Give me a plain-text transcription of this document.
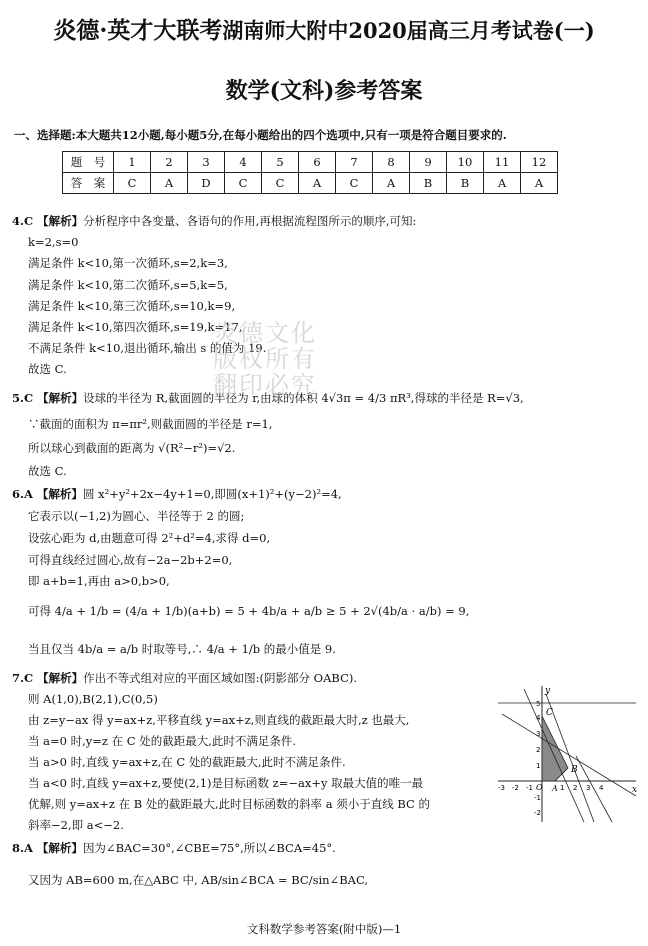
炎德·英才大联考湖南师大附中2020届高三月考试卷(一)
数学(文科)参考答案
一、选择题:本大题共12小题,每小题5分,在每小题给出的四个选项中,只有一项是符合题目要求的.
题　号	1	2	3	4	5	6	7	8	9	10	11	12
答　案	C	A	D	C	C	A	C	A	B	B	A	A
4.C 【解析】分析程序中各变量、各语句的作用,再根据流程图所示的顺序,可知:
k=2,s=0
满足条件 k<10,第一次循环,s=2,k=3,
满足条件 k<10,第二次循环,s=5,k=5,
满足条件 k<10,第三次循环,s=10,k=9,
满足条件 k<10,第四次循环,s=19,k=17,
不满足条件 k<10,退出循环,输出 s 的值为 19.
故选 C.
5.C 【解析】设球的半径为 R,截面圆的半径为 r,由球的体积 4√3π = 4/3 πR³,得球的半径是 R=√3,
∵截面的面积为 π=πr²,则截面圆的半径是 r=1,
所以球心到截面的距离为 √(R²−r²)=√2.
故选 C.
炎德文化
版权所有
翻印必究
6.A 【解析】圆 x²+y²+2x−4y+1=0,即圆(x+1)²+(y−2)²=4,
它表示以(−1,2)为圆心、半径等于 2 的圆;
设弦心距为 d,由题意可得 2²+d²=4,求得 d=0,
可得直线经过圆心,故有−2a−2b+2=0,
即 a+b=1,再由 a>0,b>0,
可得 4/a + 1/b = (4/a + 1/b)(a+b) = 5 + 4b/a + a/b ≥ 5 + 2√(4b/a · a/b) = 9,
当且仅当 4b/a = a/b 时取等号,∴ 4/a + 1/b 的最小值是 9.
7.C 【解析】作出不等式组对应的平面区域如图:(阴影部分 OABC).
则 A(1,0),B(2,1),C(0,5)
由 z=y−ax 得 y=ax+z,平移直线 y=ax+z,则直线的截距最大时,z 也最大,
当 a=0 时,y=z 在 C 处的截距最大,此时不满足条件.
当 a>0 时,直线 y=ax+z,在 C 处的截距最大,此时不满足条件.
当 a<0 时,直线 y=ax+z,要使(2,1)是目标函数 z=−ax+y 取最大值的唯一最
优解,则 y=ax+z 在 B 处的截距最大,此时目标函数的斜率 a 须小于直线 BC 的
斜率−2,即 a<−2.
8.A 【解析】因为∠BAC=30°,∠CBE=75°,所以∠BCA=45°.
又因为 AB=600 m,在△ABC 中, AB/sin∠BCA = BC/sin∠BAC,
y
x
C
B
A
O
5
4
3
2
1
-1
-2
-3 -2 -1	1 2 3 4
文科数学参考答案(附中版)—1
